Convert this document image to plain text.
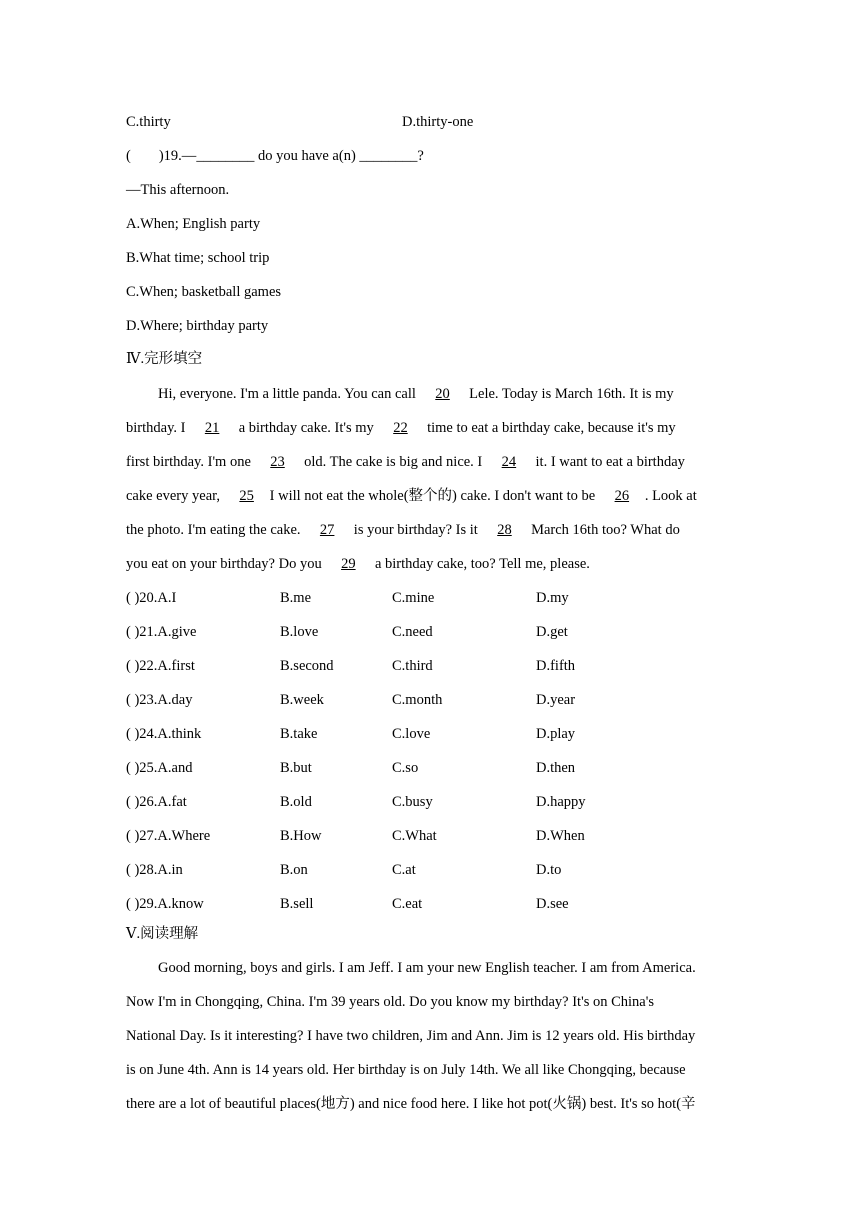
C.thirty	D.thirty-one
( )19.—________ do you have a(n) ________?
—This afternoon.
A.When; English party
B.What time; school trip
C.When; basketball games
D.Where; birthday party
Ⅳ.完形填空
Hi, everyone. I'm a little panda. You can call 20 Lele. Today is March 16th. It is my
birthday. I 21 a birthday cake. It's my 22 time to eat a birthday cake, because it's my
first birthday. I'm one 23 old. The cake is big and nice. I 24 it. I want to eat a birthday
cake every year, 25 I will not eat the whole(整个的) cake. I don't want to be 26 . Look at
the photo. I'm eating the cake. 27 is your birthday? Is it 28 March 16th too? What do
you eat on your birthday? Do you 29 a birthday cake, too? Tell me, please.
( )20.A.I	B.me	C.mine	D.my
( )21.A.give	B.love	C.need	D.get
( )22.A.first	B.second	C.third	D.fifth
( )23.A.day	B.week	C.month	D.year
( )24.A.think	B.take	C.love	D.play
( )25.A.and	B.but	C.so	D.then
( )26.A.fat	B.old	C.busy	D.happy
( )27.A.Where	B.How	C.What	D.When
( )28.A.in	B.on	C.at	D.to
( )29.A.know	B.sell	C.eat	D.see
Ⅴ.阅读理解
Good morning, boys and girls. I am Jeff. I am your new English teacher. I am from America.
Now I'm in Chongqing, China. I'm 39 years old. Do you know my birthday? It's on China's
National Day. Is it interesting? I have two children, Jim and Ann. Jim is 12 years old. His birthday
is on June 4th. Ann is 14 years old. Her birthday is on July 14th. We all like Chongqing, because
there are a lot of beautiful places(地方) and nice food here. I like hot pot(火锅) best. It's so hot(辛
